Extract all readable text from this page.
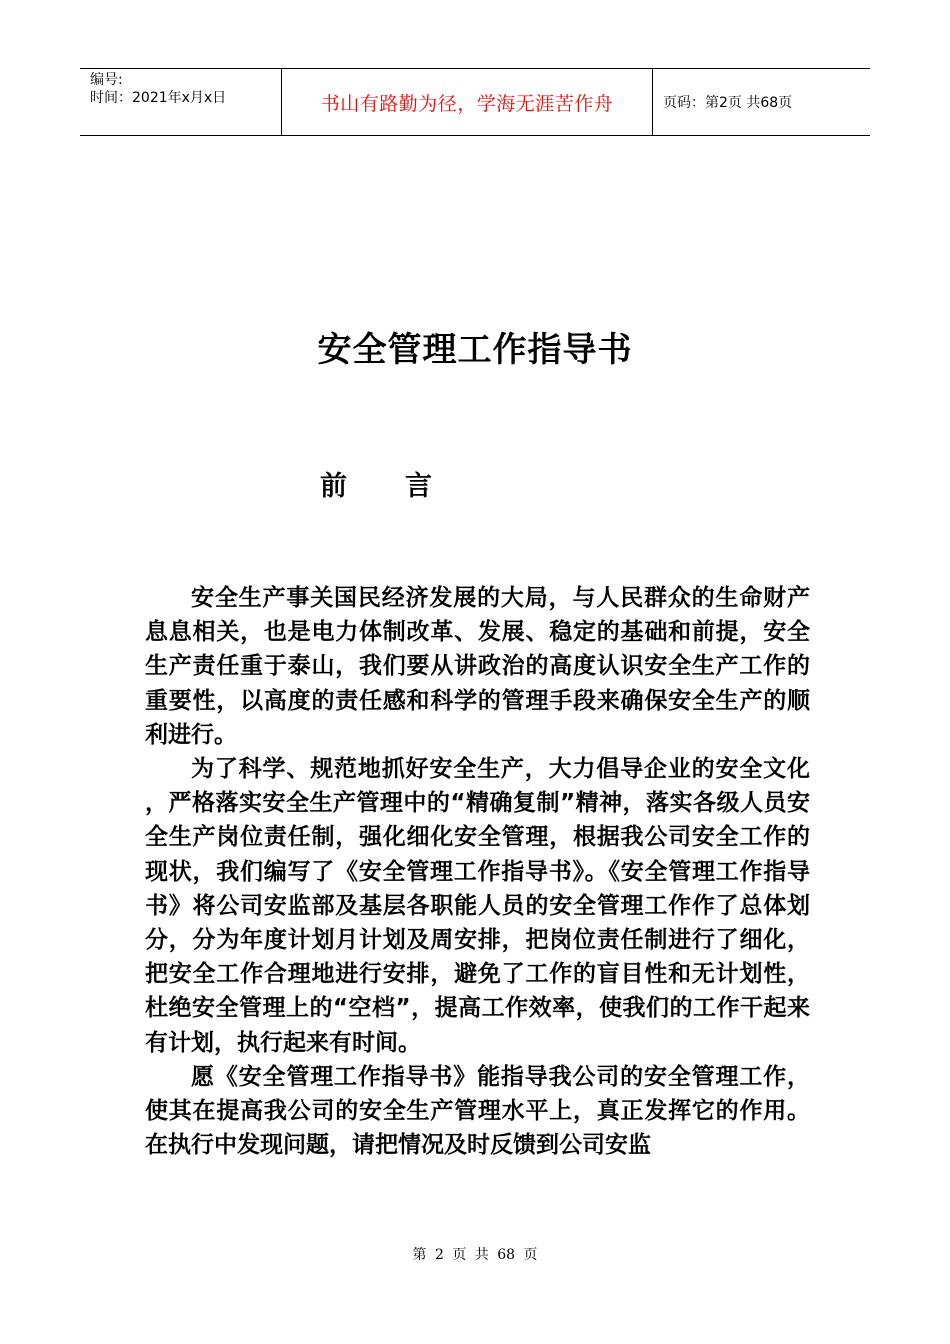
编号:
时间：2021年x月x日	书山有路勤为径，学海无涯苦作舟	页码：第2页 共68页
安全管理工作指导书
前言

安全生产事关国民经济发展的大局，与人民群众的生命财产息息相关，也是电力体制改革、发展、稳定的基础和前提，安全生产责任重于泰山，我们要从讲政治的高度认识安全生产工作的重要性，以高度的责任感和科学的管理手段来确保安全生产的顺利进行。

为了科学、规范地抓好安全生产，大力倡导企业的安全文化，严格落实安全生产管理中的“精确复制”精神，落实各级人员安全生产岗位责任制，强化细化安全管理，根据我公司安全工作的现状，我们编写了《安全管理工作指导书》。《安全管理工作指导书》将公司安监部及基层各职能人员的安全管理工作作了总体划分，分为年度计划月计划及周安排，把岗位责任制进行了细化，把安全工作合理地进行安排，避免了工作的盲目性和无计划性，杜绝安全管理上的“空档”，提高工作效率，使我们的工作干起来有计划，执行起来有时间。

愿《安全管理工作指导书》能指导我公司的安全管理工作，使其在提高我公司的安全生产管理水平上，真正发挥它的作用。在执行中发现问题，请把情况及时反馈到公司安监

第 2 页 共 68 页
